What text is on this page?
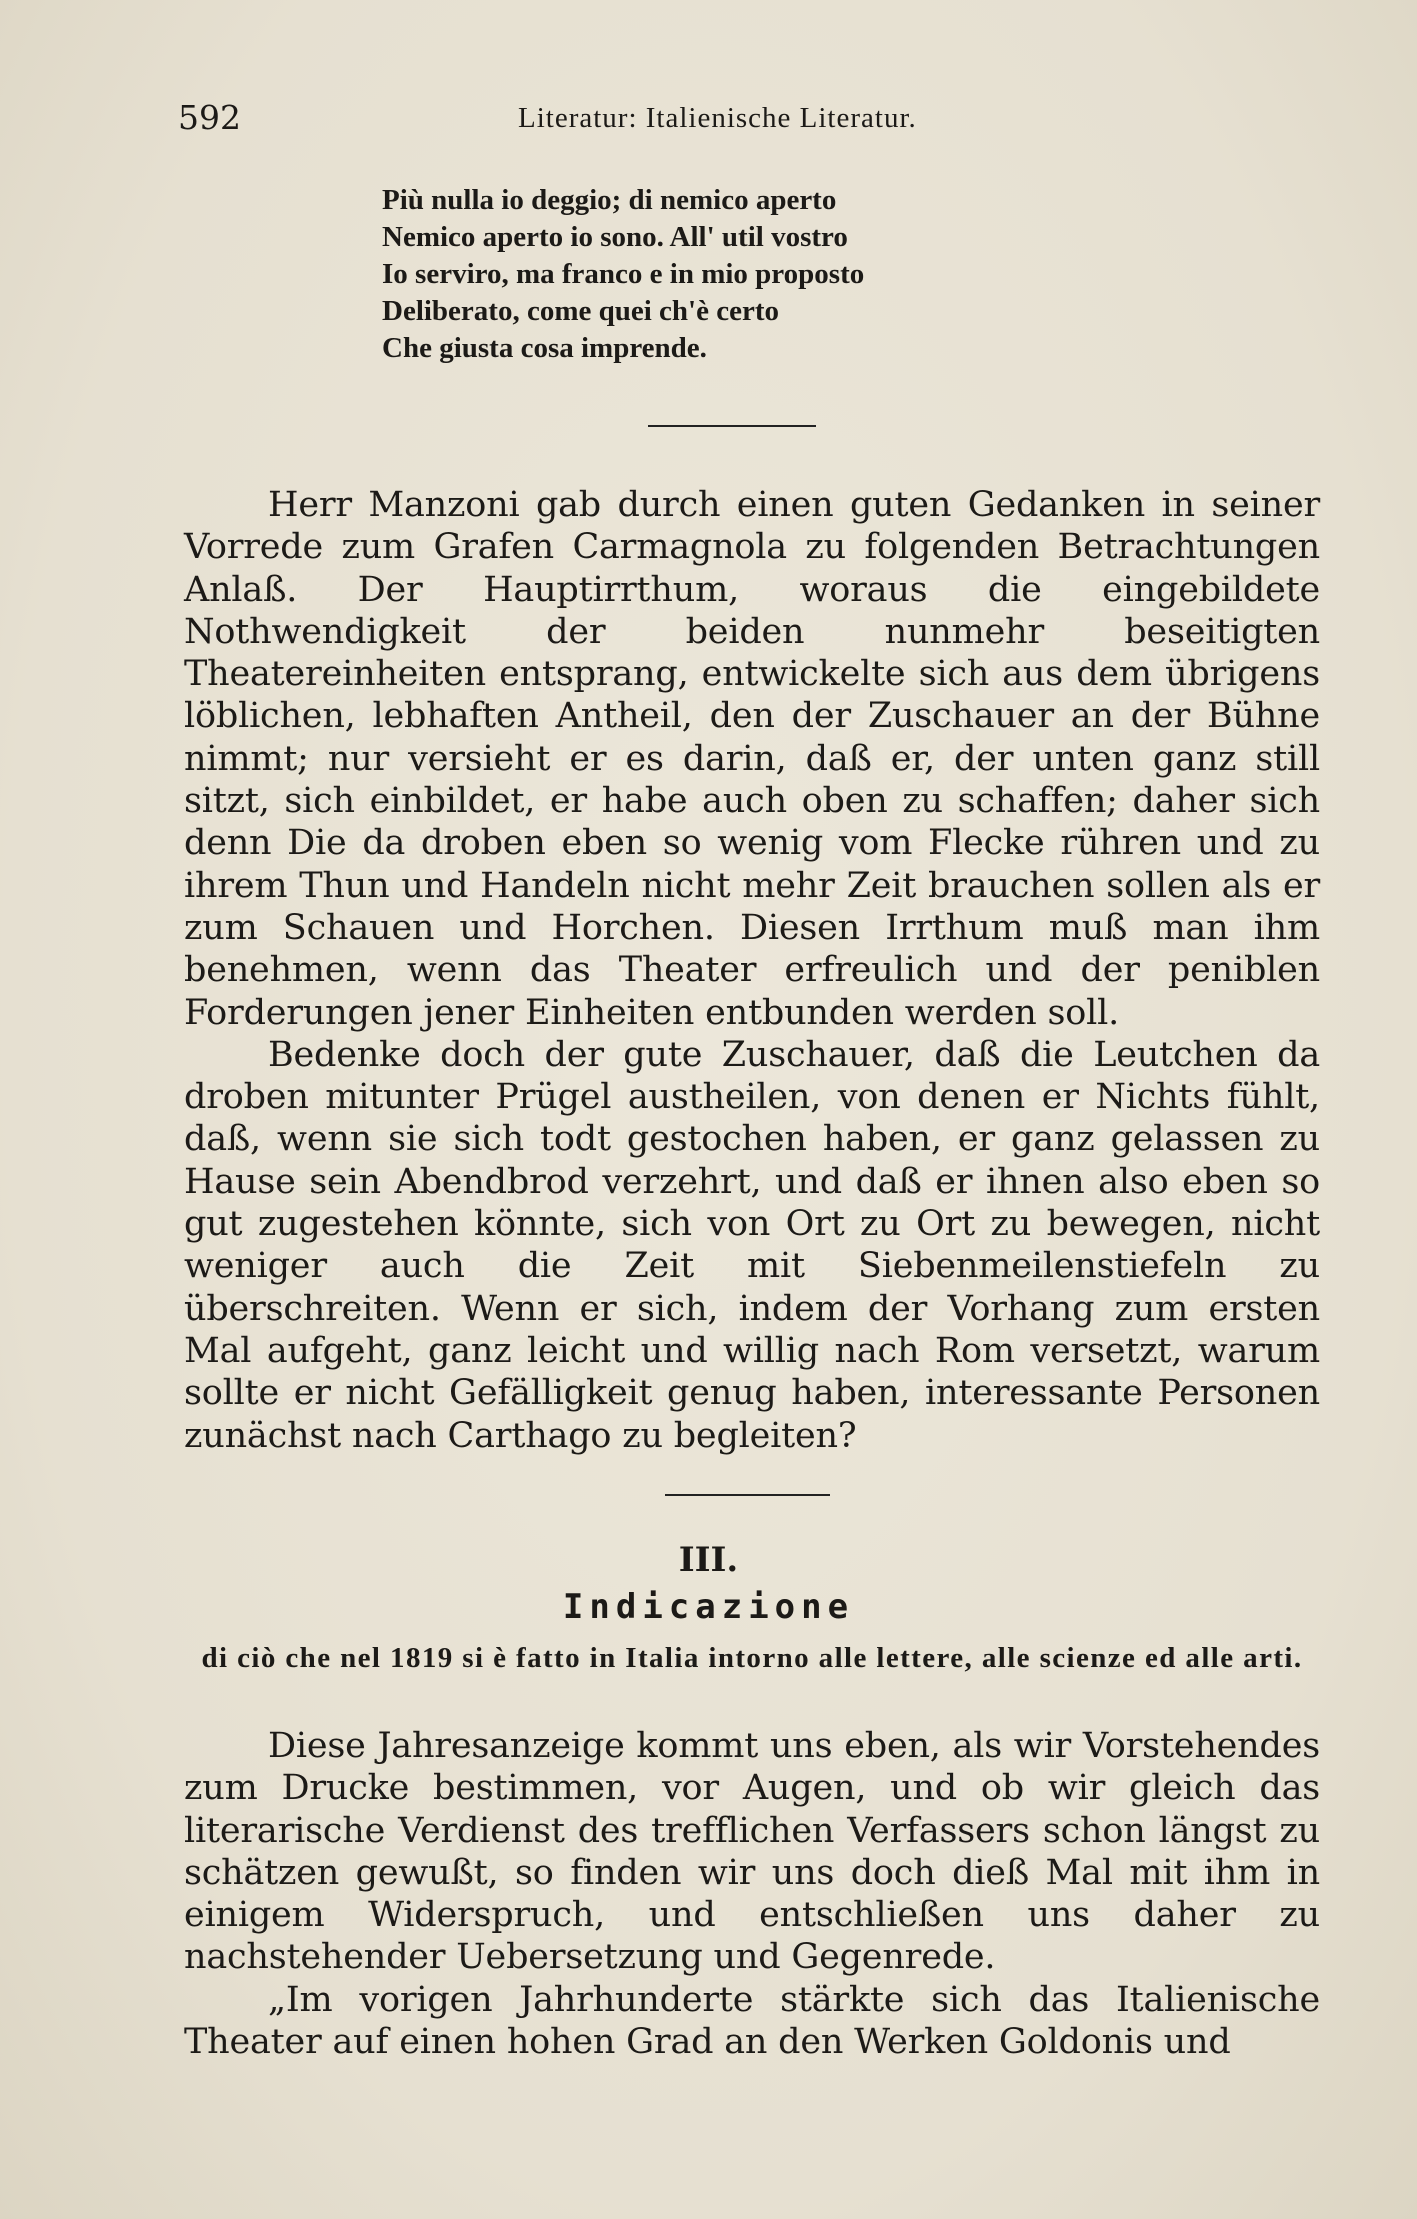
592	Literatur: Italienische Literatur.
Più nulla io deggio; di nemico aperto
Nemico aperto io sono. All' util vostro
Io serviro, ma franco e in mio proposto
Deliberato, come quei ch'è certo
Che giusta cosa imprende.

Herr Manzoni gab durch einen guten Gedanken in seiner Vorrede zum Grafen Carmagnola zu folgenden Betrachtungen Anlaß. Der Hauptirrthum, woraus die eingebildete Nothwendigkeit der beiden nunmehr beseitigten Theatereinheiten entsprang, entwickelte sich aus dem übrigens löblichen, lebhaften Antheil, den der Zuschauer an der Bühne nimmt; nur versieht er es darin, daß er, der unten ganz still sitzt, sich einbildet, er habe auch oben zu schaffen; daher sich denn Die da droben eben so wenig vom Flecke rühren und zu ihrem Thun und Handeln nicht mehr Zeit brauchen sollen als er zum Schauen und Horchen. Diesen Irrthum muß man ihm benehmen, wenn das Theater erfreulich und der peniblen Forderungen jener Einheiten entbunden werden soll.

Bedenke doch der gute Zuschauer, daß die Leutchen da droben mitunter Prügel austheilen, von denen er Nichts fühlt, daß, wenn sie sich todt gestochen haben, er ganz gelassen zu Hause sein Abendbrod verzehrt, und daß er ihnen also eben so gut zugestehen könnte, sich von Ort zu Ort zu bewegen, nicht weniger auch die Zeit mit Siebenmeilenstiefeln zu überschreiten. Wenn er sich, indem der Vorhang zum ersten Mal aufgeht, ganz leicht und willig nach Rom versetzt, warum sollte er nicht Gefälligkeit genug haben, interessante Personen zunächst nach Carthago zu begleiten?

III.
Indicazione
di ciò che nel 1819 si è fatto in Italia intorno alle lettere, alle scienze ed alle arti.

Diese Jahresanzeige kommt uns eben, als wir Vorstehendes zum Drucke bestimmen, vor Augen, und ob wir gleich das literarische Verdienst des trefflichen Verfassers schon längst zu schätzen gewußt, so finden wir uns doch dieß Mal mit ihm in einigem Widerspruch, und entschließen uns daher zu nachstehender Uebersetzung und Gegenrede.

„Im vorigen Jahrhunderte stärkte sich das Italienische Theater auf einen hohen Grad an den Werken Goldonis und
